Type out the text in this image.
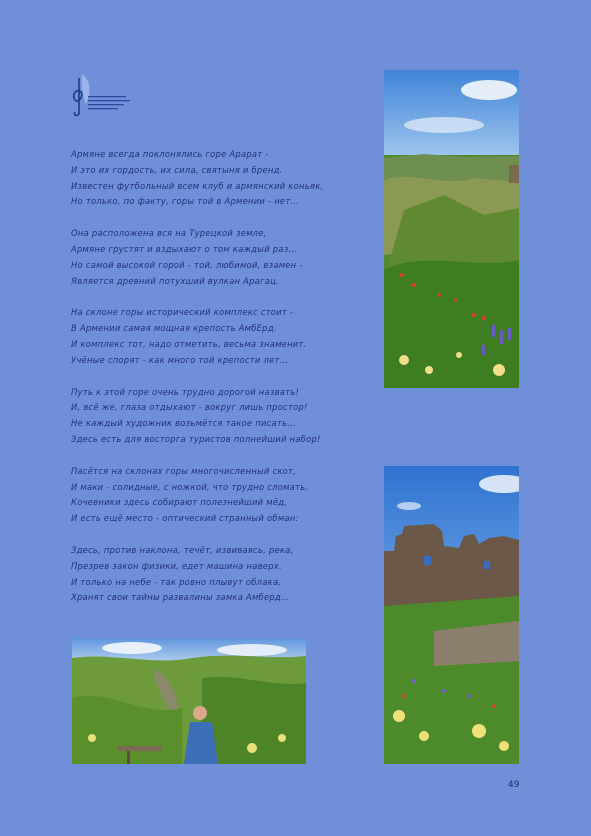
Армяне всегда поклонялись горе Арарат -
И это их гордость, их сила, святыня и бренд.
Известен футбольный всем клуб и армянский коньяк,
Но только, по факту, горы той в Армении - нет...
Она расположена вся на Турецкой земле,
Армяне грустят и вздыхают о том каждый раз...
Но самой высокой горой - той, любимой, взамен -
Является древний потухший вулкан Арагац.
На склоне горы исторический комплекс стоит -
В Армении самая мощная крепость АмбЕрд.
И комплекс тот, надо отметить, весьма знаменит.
Учёные спорят - как много той крепости лет...
Путь к этой горе очень трудно дорогой назвать!
И, всё же, глаза отдыхают - вокруг лишь простор!
Не каждый художник возьмётся такое писать...
Здесь есть для восторга туристов полнейший набор!
Пасётся на склонах горы многочисленный скот,
И маки - солидные, с ножкой, что трудно сломать.
Кочевники здесь собирают полезнейший мёд,
И есть ещё место - оптический странный обман:
Здесь, против наклона, течёт, извиваясь, река,
Презрев закон физики, едет машина наверх.
И только на небе - так ровно плывут облака,
Хранят свои тайны развалины замка Амберд...
49
